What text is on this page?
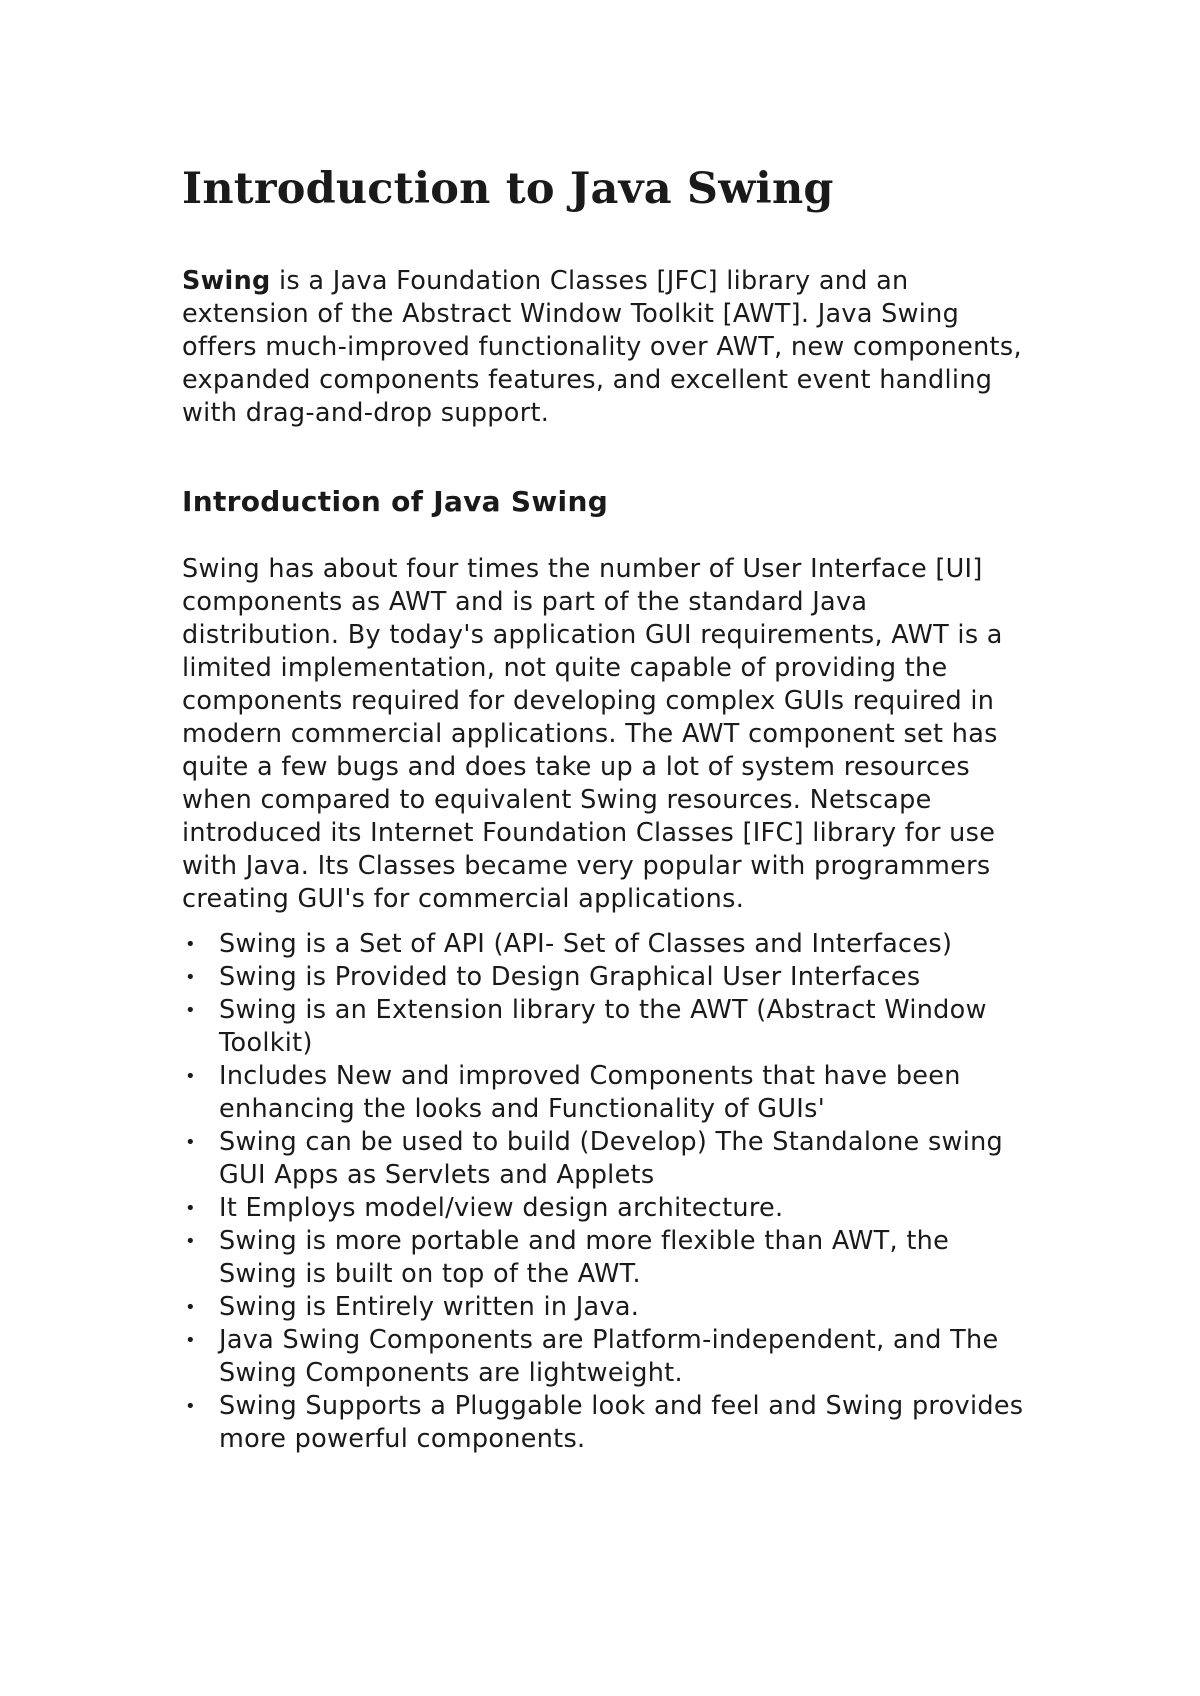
Introduction to Java Swing

Swing is a Java Foundation Classes [JFC] library and an extension of the Abstract Window Toolkit [AWT]. Java Swing offers much-improved functionality over AWT, new components, expanded components features, and excellent event handling with drag-and-drop support.

Introduction of Java Swing

Swing has about four times the number of User Interface [UI] components as AWT and is part of the standard Java distribution. By today's application GUI requirements, AWT is a limited implementation, not quite capable of providing the components required for developing complex GUIs required in modern commercial applications. The AWT component set has quite a few bugs and does take up a lot of system resources when compared to equivalent Swing resources. Netscape introduced its Internet Foundation Classes [IFC] library for use with Java. Its Classes became very popular with programmers creating GUI's for commercial applications.

• Swing is a Set of API (API- Set of Classes and Interfaces)
• Swing is Provided to Design Graphical User Interfaces
• Swing is an Extension library to the AWT (Abstract Window Toolkit)
• Includes New and improved Components that have been enhancing the looks and Functionality of GUIs'
• Swing can be used to build (Develop) The Standalone swing GUI Apps as Servlets and Applets
• It Employs model/view design architecture.
• Swing is more portable and more flexible than AWT, the Swing is built on top of the AWT.
• Swing is Entirely written in Java.
• Java Swing Components are Platform-independent, and The Swing Components are lightweight.
• Swing Supports a Pluggable look and feel and Swing provides more powerful components.
